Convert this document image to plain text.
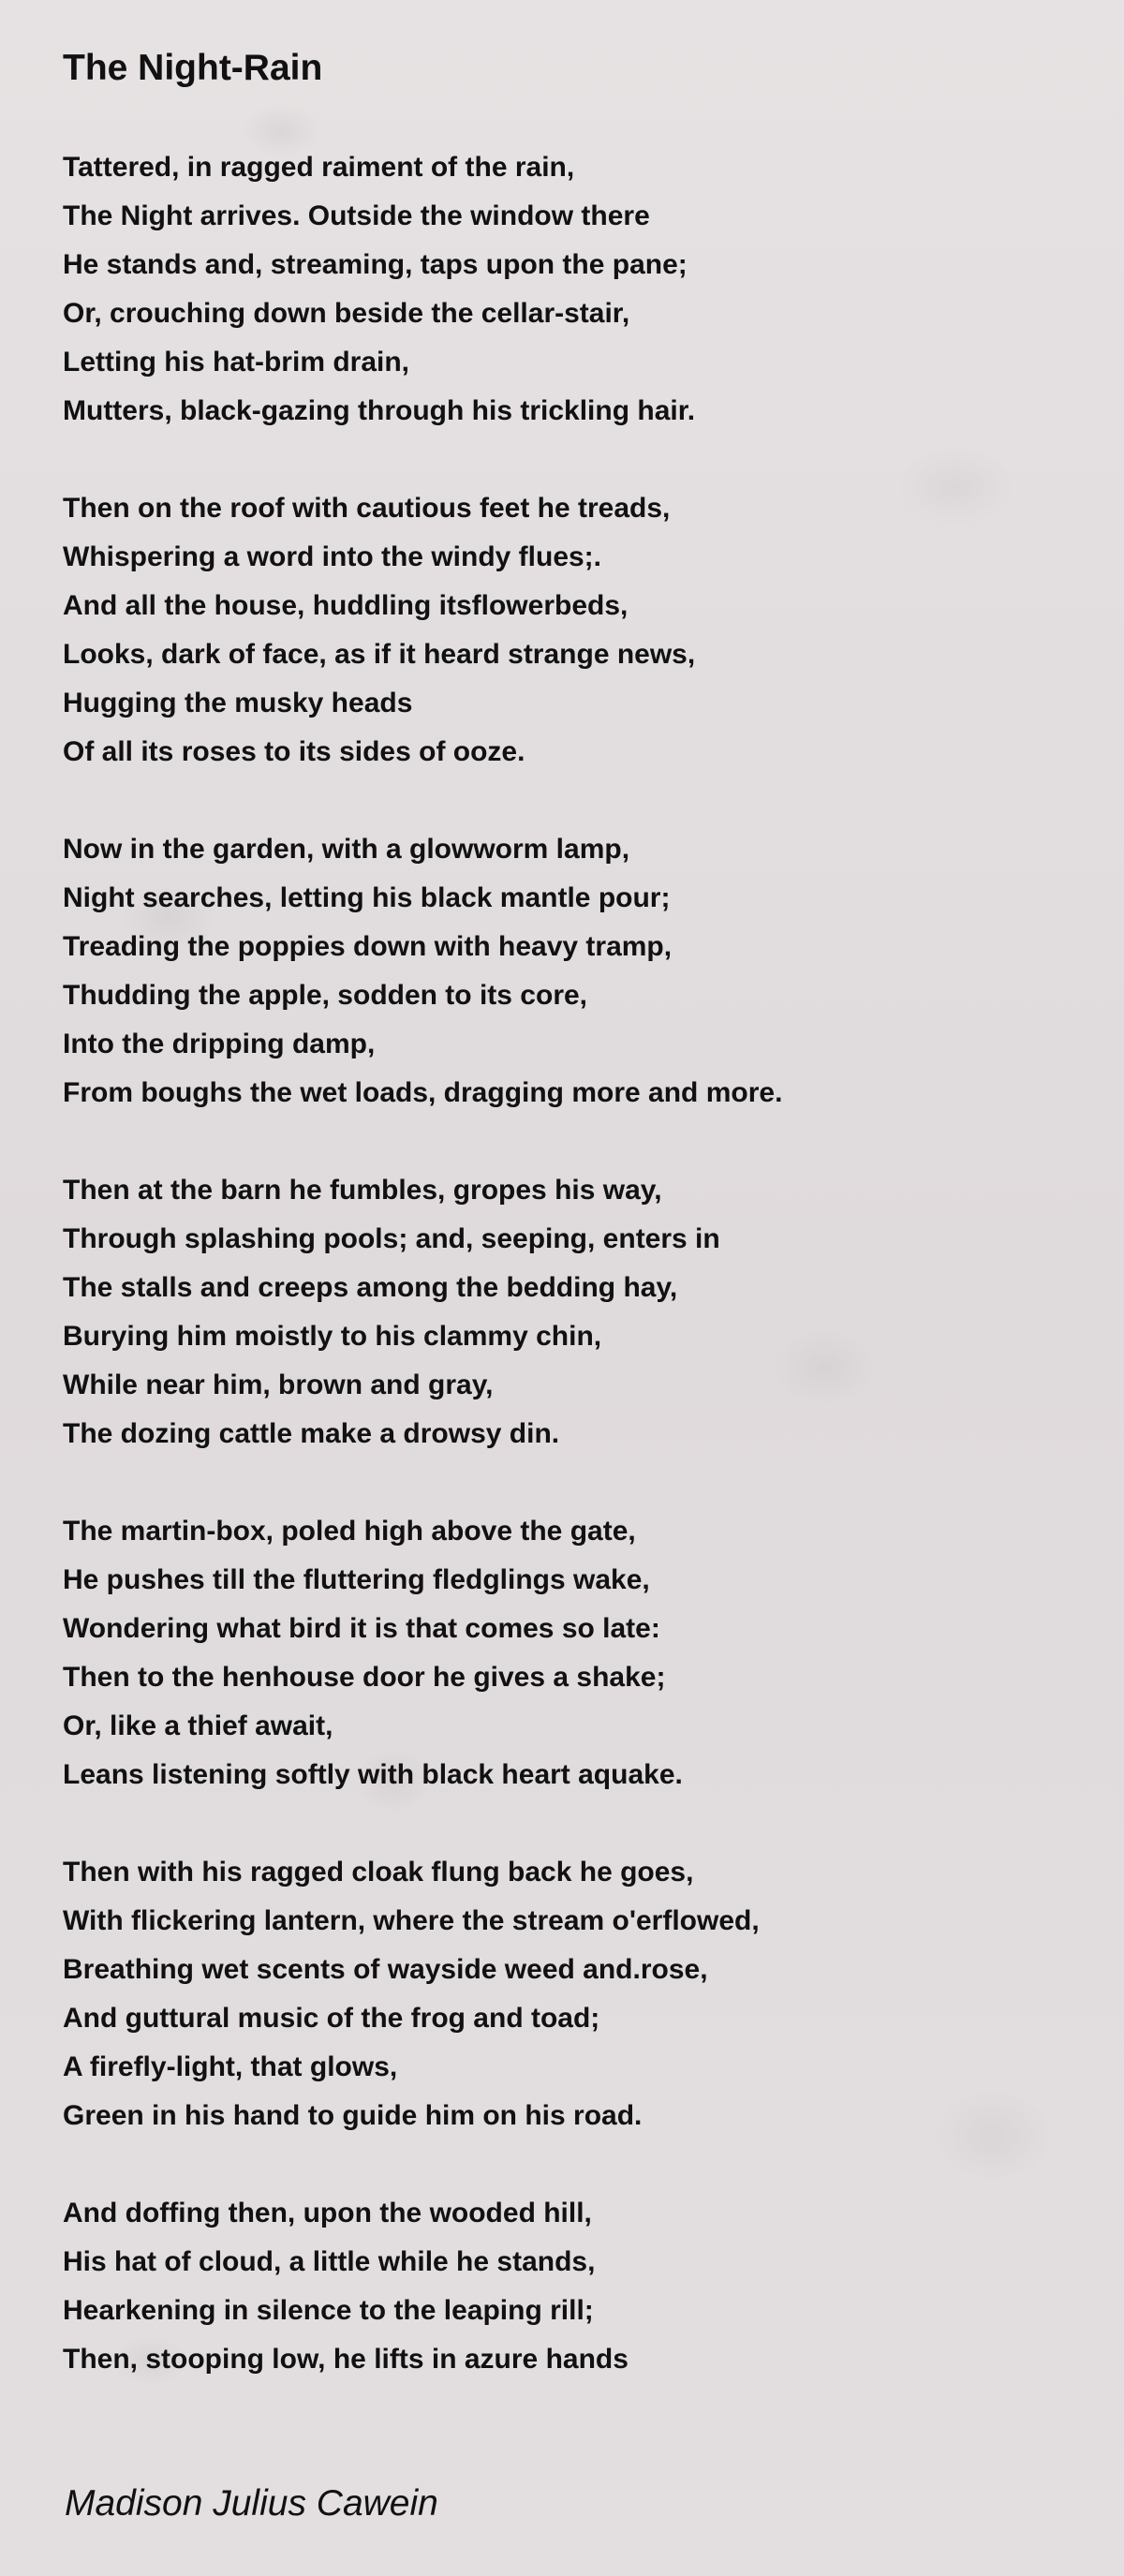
The Night-Rain
Tattered, in ragged raiment of the rain,
The Night arrives. Outside the window there
He stands and, streaming, taps upon the pane;
Or, crouching down beside the cellar-stair,
Letting his hat-brim drain,
Mutters, black-gazing through his trickling hair.
Then on the roof with cautious feet he treads,
Whispering a word into the windy flues;.
And all the house, huddling itsflowerbeds,
Looks, dark of face, as if it heard strange news,
Hugging the musky heads
Of all its roses to its sides of ooze.
Now in the garden, with a glowworm lamp,
Night searches, letting his black mantle pour;
Treading the poppies down with heavy tramp,
Thudding the apple, sodden to its core,
Into the dripping damp,
From boughs the wet loads, dragging more and more.
Then at the barn he fumbles, gropes his way,
Through splashing pools; and, seeping, enters in
The stalls and creeps among the bedding hay,
Burying him moistly to his clammy chin,
While near him, brown and gray,
The dozing cattle make a drowsy din.
The martin-box, poled high above the gate,
He pushes till the fluttering fledglings wake,
Wondering what bird it is that comes so late:
Then to the henhouse door he gives a shake;
Or, like a thief await,
Leans listening softly with black heart aquake.
Then with his ragged cloak flung back he goes,
With flickering lantern, where the stream o'erflowed,
Breathing wet scents of wayside weed and.rose,
And guttural music of the frog and toad;
A firefly-light, that glows,
Green in his hand to guide him on his road.
And doffing then, upon the wooded hill,
His hat of cloud, a little while he stands,
Hearkening in silence to the leaping rill;
Then, stooping low, he lifts in azure hands

Madison Julius Cawein
